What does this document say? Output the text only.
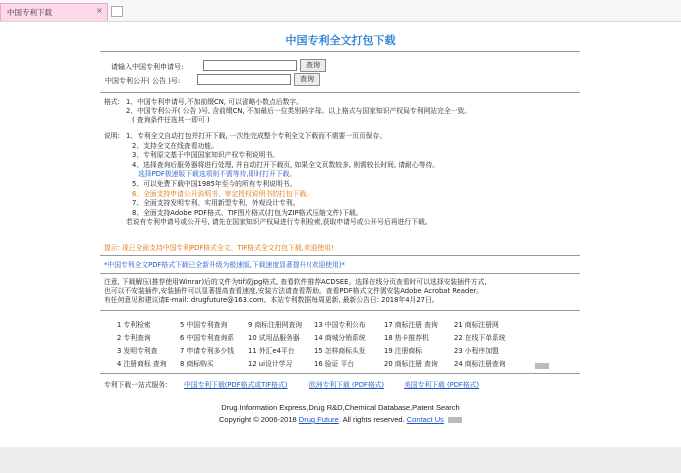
中国专利下载	×
中国专利全文打包下载
请输入中国专利申请号:	查询
中国专利公开( 公告 )号:	查询
格式: 1、中国专利申请号,不加前缀CN, 可以省略小数点后数字。
2、中国专利公开( 公告 )号, 含前缀CN, 不加最后一位类别码字母。以上格式与国家知识产权局专利网站完全一致。
( 查询条件任选其一即可 )
说明: 1、专利全文自动打包并打开下载, 一次性完成整个专利全文下载而不需要一页页保存。
2、支持全文在线查看功能。
3、专利原文基于中国国家知识产权专利说明书。
4、选择查询后服务器将进行处理, 并自动打开下载页, 如果全文页数较多, 则需较长时间, 请耐心等待。
选择PDF极速版下载选项则不需等待,即时打开下载。
5、可以免费下载中国1985年至今的所有专利说明书。
6、全面支持申请公开说明书、审定授权说明书的打包下载。
7、全面支持发明专利、实用新型专利、外观设计专利。
8、全面支持Adobe PDF格式、TIF图片格式(打包为ZIP格式压缩文件)下载。
若说有专利申请号或公开号, 请先在国家知识产权局进行专利检索,获取申请号或公开号后再进行下载。
提示: 现已全面支持中国专利PDF格式全文、TIF格式全文打包下载,欢迎使用!
*中国专利全文PDF格式下载已全新升级为极速版,下载速度显著提升!(欢迎使用)*
注意, 下载解压(推荐使用Winrar)后的文件为tif或jpg格式, 查看软件推荐ACDSEE。选择在线分页查看时可以选择安装插件方式,
也可以不安装插件,安装插件可以显著提高查看速度,安装方法请查看帮助。查看PDF格式文件需安装Adobe Acrobat Reader。
有任何意见和建议请E-mail: drugfuture@163.com。本站专利数据每周更新, 最新公告日: 2018年4月27日。
1 专利检索	5 中国专利查询	9 商标注册网查询 13 中国专利公布	17 商标注册 查询 21 商标注册网
2 专利查询	6 中国专利查询系 10 试用品服务器 14 商城分销系统	18 热卡推荐机	22 在线下单系统
3 发明专利查	7 申请专利多少钱 11 外汇e4平台	15 怎样商标头发	19 注册商标	23 小程序加盟
4 注册商标 查询 8 商标购买	12 ui设计学习	16 验证 平台	20 商标注册 查询 24 商标注册查询
专利下载一站式服务: 中国专利下载(PDF格式或TIF格式)	欧洲专利下载 (PDF格式)	美国专利下载 (PDF格式)
Drug Information Express,Drug R&D,Chemical Database,Patent Search
Copyright © 2006-2018 Drug Future. All rights reserved. Contact Us
